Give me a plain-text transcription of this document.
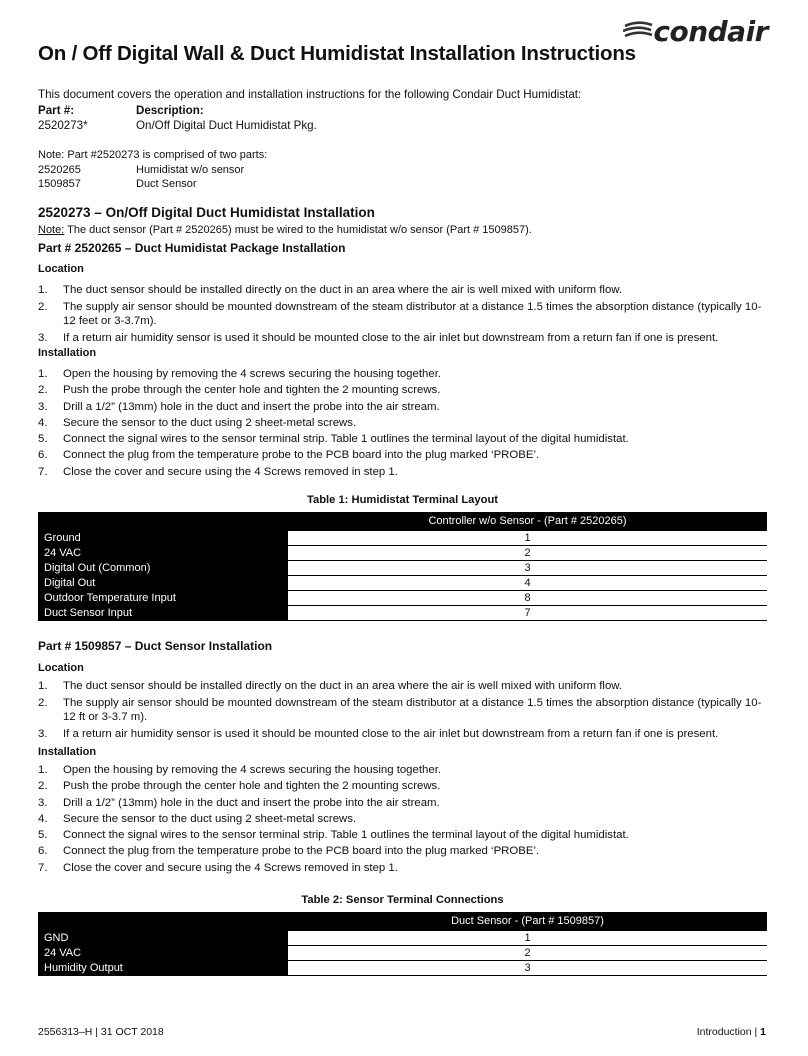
condair
On / Off Digital Wall & Duct Humidistat Installation Instructions
This document covers the operation and installation instructions for the following Condair Duct Humidistat:
Part #:	Description:
2520273*	On/Off Digital Duct Humidistat Pkg.
Note: Part #2520273 is comprised of two parts:
2520265	Humidistat w/o sensor
1509857	Duct Sensor
2520273 – On/Off Digital Duct Humidistat Installation
Note: The duct sensor (Part # 2520265) must be wired to the humidistat w/o sensor (Part # 1509857).
Part # 2520265 – Duct Humidistat Package Installation
Location
1. The duct sensor should be installed directly on the duct in an area where the air is well mixed with uniform flow.
2. The supply air sensor should be mounted downstream of the steam distributor at a distance 1.5 times the absorption distance (typically 10-12 feet or 3-3.7m).
3. If a return air humidity sensor is used it should be mounted close to the air inlet but downstream from a return fan if one is present.
Installation
1. Open the housing by removing the 4 screws securing the housing together.
2. Push the probe through the center hole and tighten the 2 mounting screws.
3. Drill a 1/2” (13mm) hole in the duct and insert the probe into the air stream.
4. Secure the sensor to the duct using 2 sheet-metal screws.
5. Connect the signal wires to the sensor terminal strip. Table 1 outlines the terminal layout of the digital humidistat.
6. Connect the plug from the temperature probe to the PCB board into the plug marked ‘PROBE’.
7. Close the cover and secure using the 4 Screws removed in step 1.
Table 1: Humidistat Terminal Layout
	Controller w/o Sensor - (Part # 2520265)
Ground	1
24 VAC	2
Digital Out (Common)	3
Digital Out	4
Outdoor Temperature Input	8
Duct Sensor Input	7
Part # 1509857 – Duct Sensor Installation
Location
1. The duct sensor should be installed directly on the duct in an area where the air is well mixed with uniform flow.
2. The supply air sensor should be mounted downstream of the steam distributor at a distance 1.5 times the absorption distance (typically 10-12 ft or 3-3.7 m).
3. If a return air humidity sensor is used it should be mounted close to the air inlet but downstream from a return fan if one is present.
Installation
1. Open the housing by removing the 4 screws securing the housing together.
2. Push the probe through the center hole and tighten the 2 mounting screws.
3. Drill a 1/2” (13mm) hole in the duct and insert the probe into the air stream.
4. Secure the sensor to the duct using 2 sheet-metal screws.
5. Connect the signal wires to the sensor terminal strip. Table 1 outlines the terminal layout of the digital humidistat.
6. Connect the plug from the temperature probe to the PCB board into the plug marked ‘PROBE’.
7. Close the cover and secure using the 4 Screws removed in step 1.
Table 2: Sensor Terminal Connections
	Duct Sensor - (Part # 1509857)
GND	1
24 VAC	2
Humidity Output	3
2556313–H | 31 OCT 2018	Introduction | 1
